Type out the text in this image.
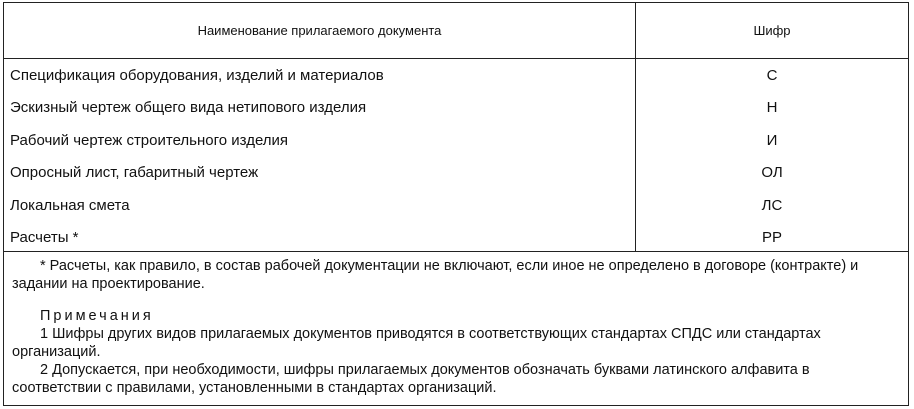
Наименование прилагаемого документа	Шифр
Спецификация оборудования, изделий и материалов	С
Эскизный чертеж общего вида нетипового изделия	Н
Рабочий чертеж строительного изделия	И
Опросный лист, габаритный чертеж	ОЛ
Локальная смета	ЛС
Расчеты *	РР

* Расчеты, как правило, в состав рабочей документации не включают, если иное не определено в договоре (контракте) и задании на проектирование.

Примечания

1 Шифры других видов прилагаемых документов приводятся в соответствующих стандартах СПДС или стандартах организаций.

2 Допускается, при необходимости, шифры прилагаемых документов обозначать буквами латинского алфавита в соответствии с правилами, установленными в стандартах организаций.
